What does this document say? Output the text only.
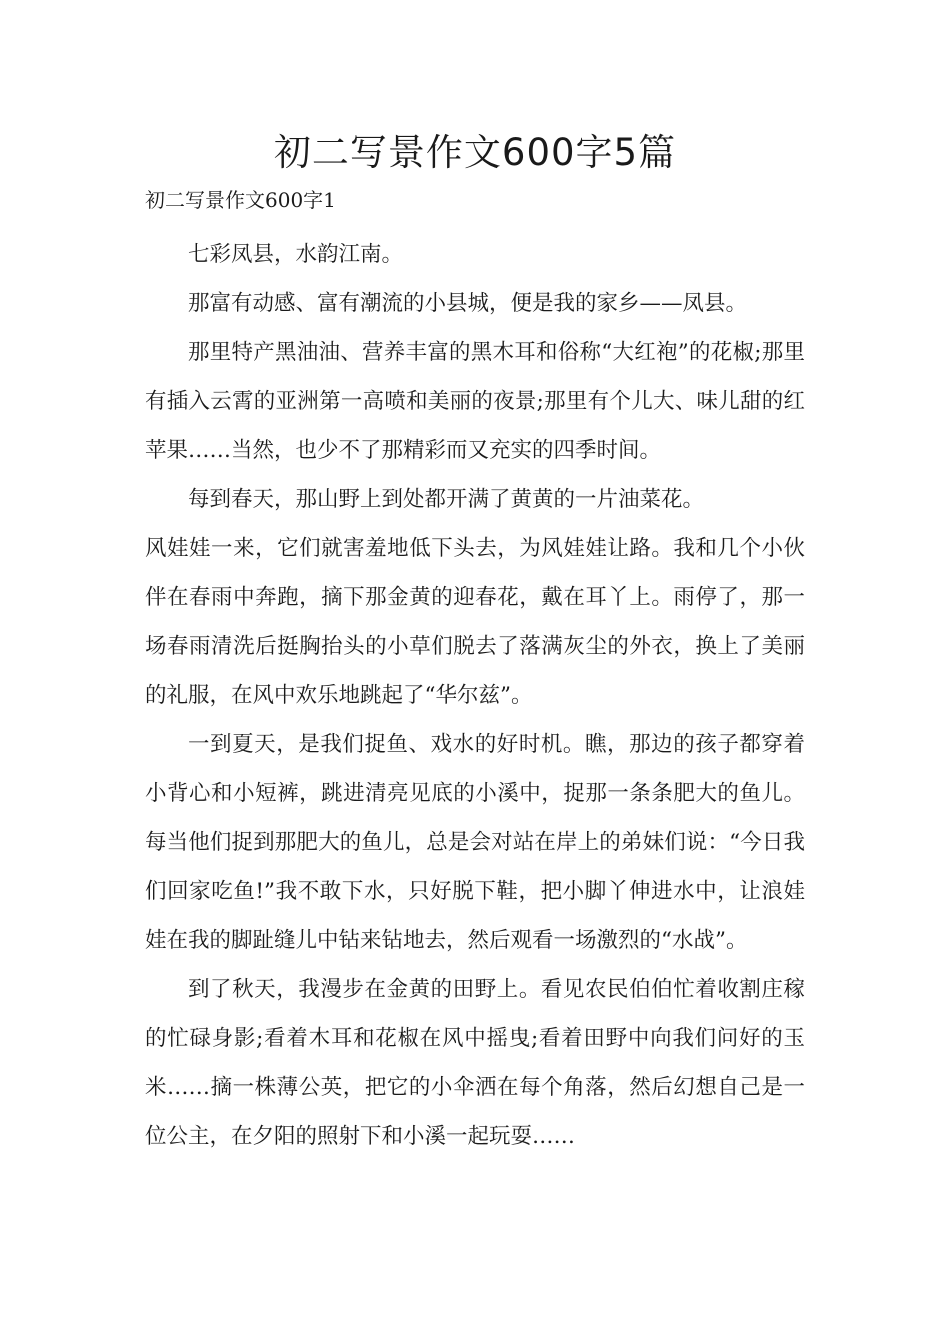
初二写景作文600字5篇

初二写景作文600字1

七彩凤县，水韵江南。

那富有动感、富有潮流的小县城，便是我的家乡——凤县。

那里特产黑油油、营养丰富的黑木耳和俗称“大红袍”的花椒;那里有插入云霄的亚洲第一高喷和美丽的夜景;那里有个儿大、味儿甜的红苹果……当然，也少不了那精彩而又充实的四季时间。

每到春天，那山野上到处都开满了黄黄的一片油菜花。

风娃娃一来，它们就害羞地低下头去，为风娃娃让路。我和几个小伙伴在春雨中奔跑，摘下那金黄的迎春花，戴在耳丫上。雨停了，那一场春雨清洗后挺胸抬头的小草们脱去了落满灰尘的外衣，换上了美丽的礼服，在风中欢乐地跳起了“华尔兹”。

一到夏天，是我们捉鱼、戏水的好时机。瞧，那边的孩子都穿着小背心和小短裤，跳进清亮见底的小溪中，捉那一条条肥大的鱼儿。每当他们捉到那肥大的鱼儿，总是会对站在岸上的弟妹们说：“今日我们回家吃鱼!”我不敢下水，只好脱下鞋，把小脚丫伸进水中，让浪娃娃在我的脚趾缝儿中钻来钻地去，然后观看一场激烈的“水战”。

到了秋天，我漫步在金黄的田野上。看见农民伯伯忙着收割庄稼的忙碌身影;看着木耳和花椒在风中摇曳;看着田野中向我们问好的玉米……摘一株薄公英，把它的小伞洒在每个角落，然后幻想自己是一位公主，在夕阳的照射下和小溪一起玩耍……
